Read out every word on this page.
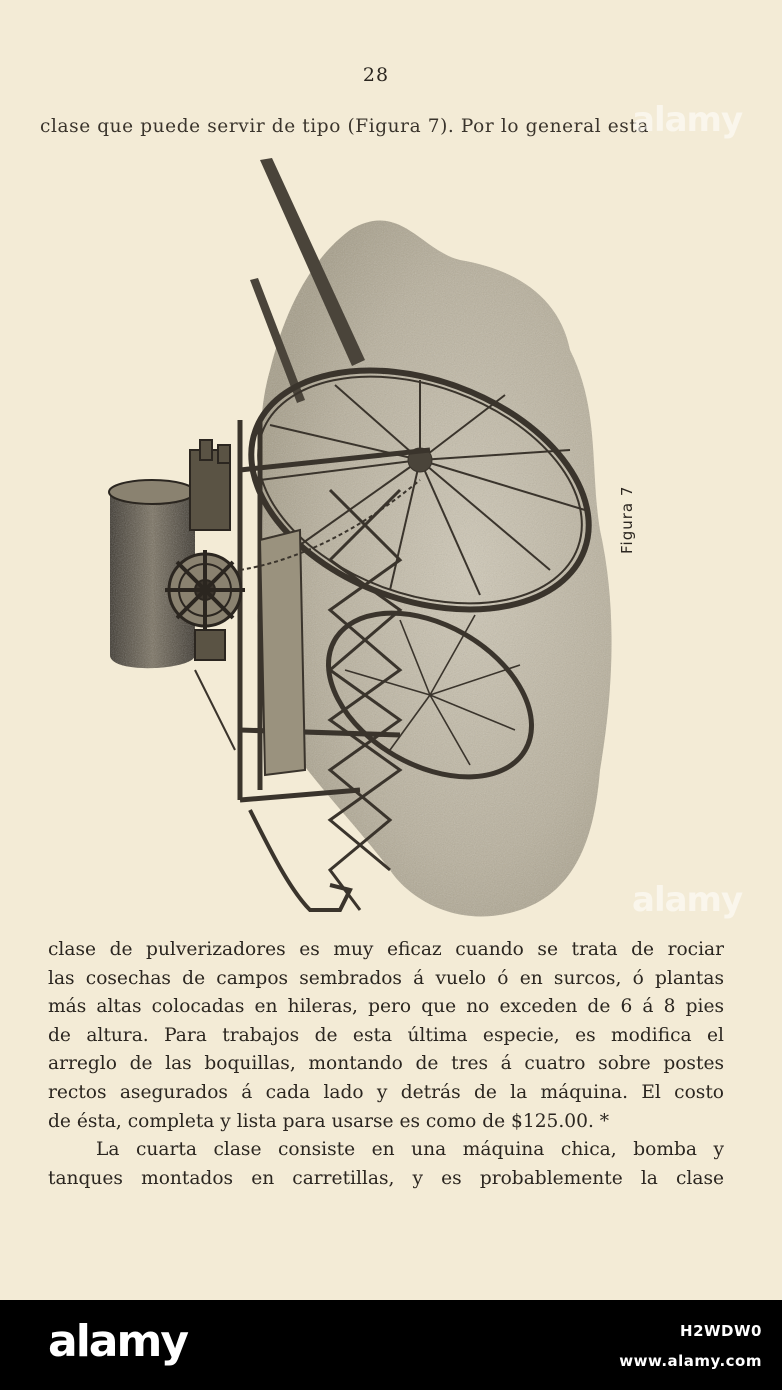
28
clase que puede servir de tipo (Figura 7). Por lo general esta
Figura 7
clase de pulverizadores es muy eficaz cuando se trata de rociar
las cosechas de campos sembrados á vuelo ó en surcos, ó plantas
más altas colocadas en hileras, pero que no exceden de 6 á 8 pies
de altura. Para trabajos de esta última especie, es modifica el
arreglo de las boquillas, montando de tres á cuatro sobre postes
rectos asegurados á cada lado y detrás de la máquina. El costo
de ésta, completa y lista para usarse es como de $125.00. *
La cuarta clase consiste en una máquina chica, bomba y
tanques montados en carretillas, y es probablemente la clase
alamy
alamy
alamy	H2WDW0
www.alamy.com
